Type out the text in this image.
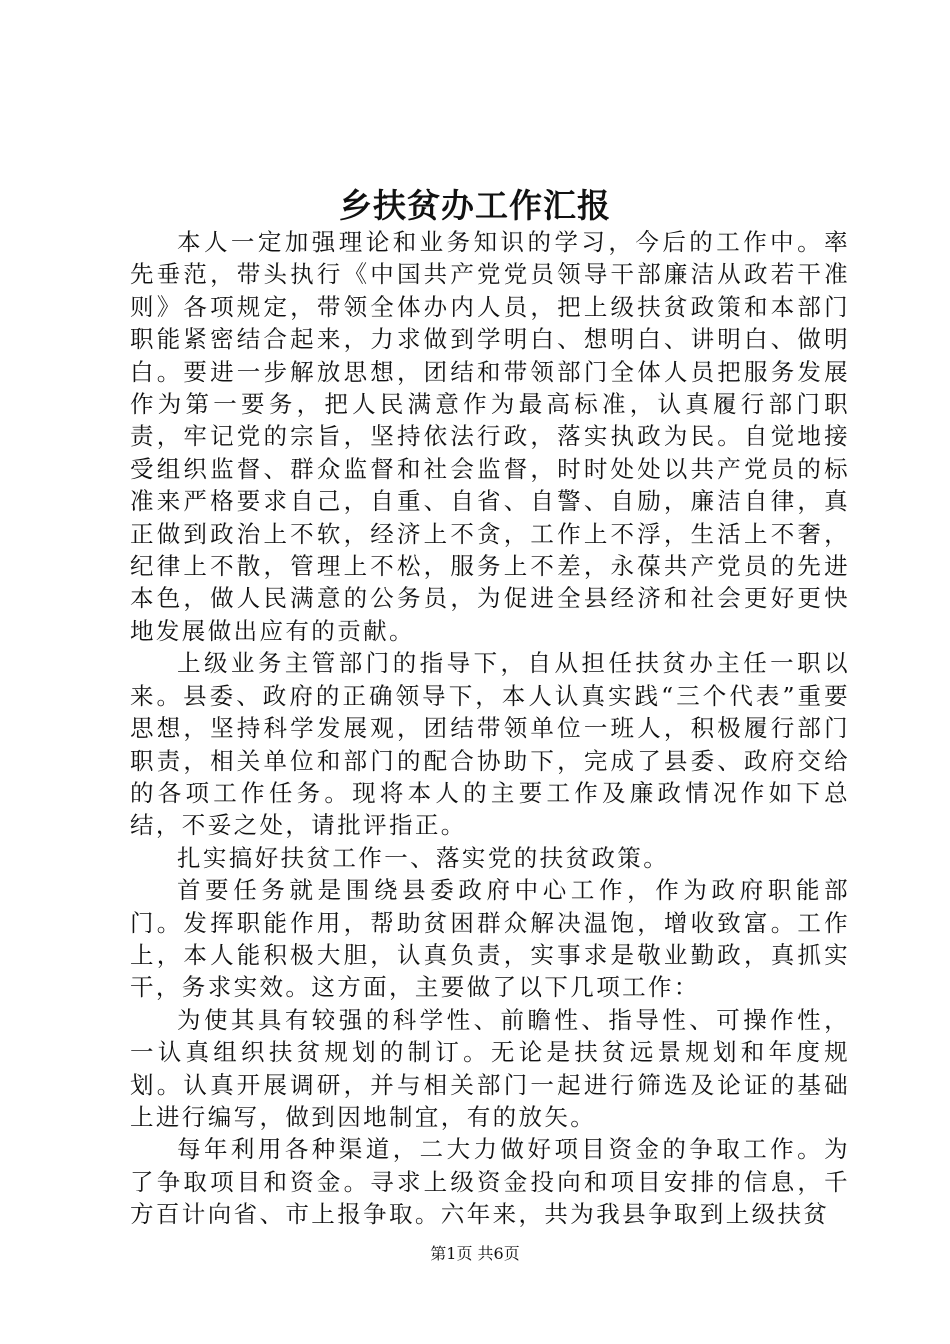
乡扶贫办工作汇报

本人一定加强理论和业务知识的学习，今后的工作中。率先垂范，带头执行《中国共产党党员领导干部廉洁从政若干准则》各项规定，带领全体办内人员，把上级扶贫政策和本部门职能紧密结合起来，力求做到学明白、想明白、讲明白、做明白。要进一步解放思想，团结和带领部门全体人员把服务发展作为第一要务，把人民满意作为最高标准，认真履行部门职责，牢记党的宗旨，坚持依法行政，落实执政为民。自觉地接受组织监督、群众监督和社会监督，时时处处以共产党员的标准来严格要求自己，自重、自省、自警、自励，廉洁自律，真正做到政治上不软，经济上不贪，工作上不浮，生活上不奢，纪律上不散，管理上不松，服务上不差，永葆共产党员的先进本色，做人民满意的公务员，为促进全县经济和社会更好更快地发展做出应有的贡献。

上级业务主管部门的指导下，自从担任扶贫办主任一职以来。县委、政府的正确领导下，本人认真实践“三个代表”重要思想，坚持科学发展观，团结带领单位一班人，积极履行部门职责，相关单位和部门的配合协助下，完成了县委、政府交给的各项工作任务。现将本人的主要工作及廉政情况作如下总结，不妥之处，请批评指正。

扎实搞好扶贫工作一、落实党的扶贫政策。

首要任务就是围绕县委政府中心工作，作为政府职能部门。发挥职能作用，帮助贫困群众解决温饱，增收致富。工作上，本人能积极大胆，认真负责，实事求是敬业勤政，真抓实干，务求实效。这方面，主要做了以下几项工作：

为使其具有较强的科学性、前瞻性、指导性、可操作性，一认真组织扶贫规划的制订。无论是扶贫远景规划和年度规划。认真开展调研，并与相关部门一起进行筛选及论证的基础上进行编写，做到因地制宜，有的放矢。

每年利用各种渠道，二大力做好项目资金的争取工作。为了争取项目和资金。寻求上级资金投向和项目安排的信息，千方百计向省、市上报争取。六年来，共为我县争取到上级扶贫

第1页 共6页
